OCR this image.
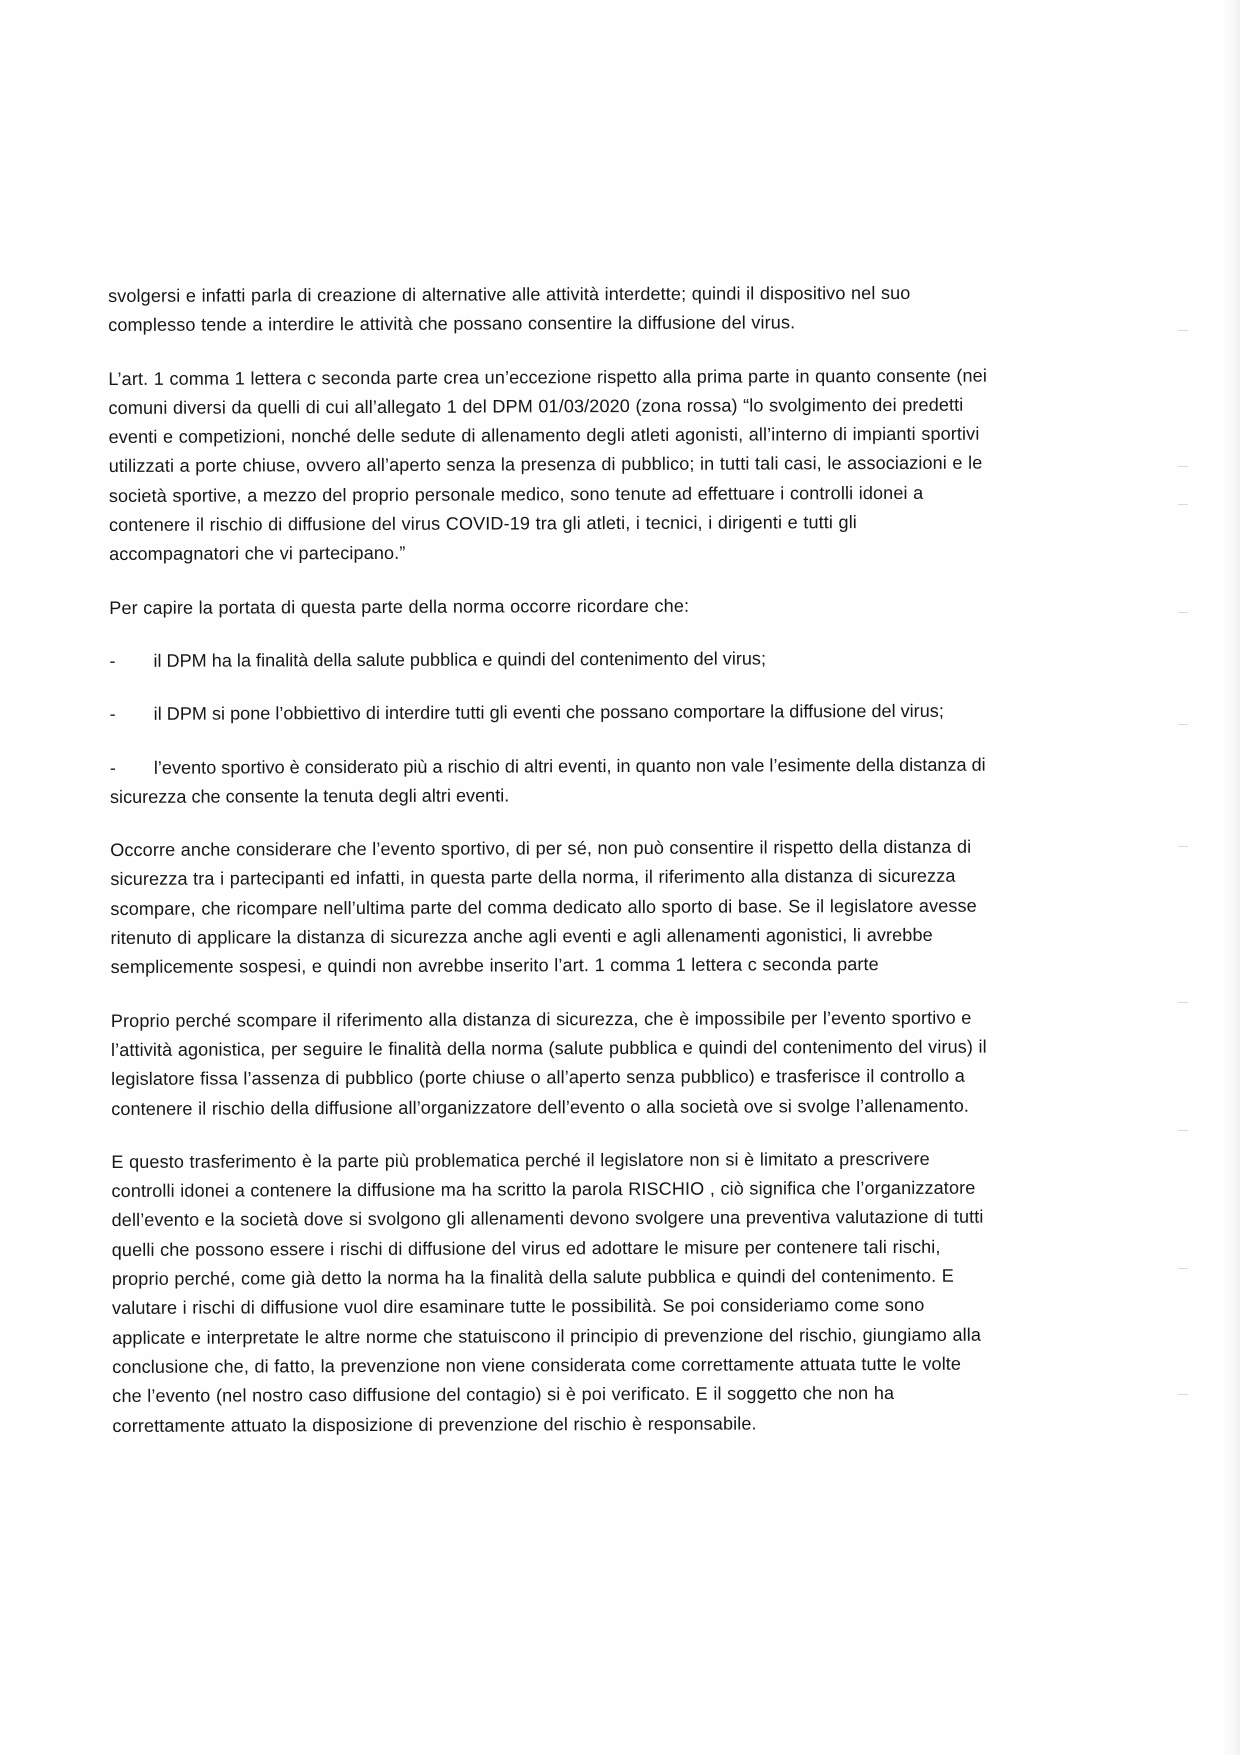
svolgersi e infatti parla di creazione di alternative alle attività interdette; quindi il dispositivo nel suo complesso tende a interdire le attività che possano consentire la diffusione del virus.

L’art. 1 comma 1 lettera c seconda parte crea un’eccezione rispetto alla prima parte in quanto consente (nei comuni diversi da quelli di cui all’allegato 1 del DPM 01/03/2020 (zona rossa) “lo svolgimento dei predetti eventi e competizioni, nonché delle sedute di allenamento degli atleti agonisti, all’interno di impianti sportivi utilizzati a porte chiuse, ovvero all’aperto senza la presenza di pubblico; in tutti tali casi, le associazioni e le società sportive, a mezzo del proprio personale medico, sono tenute ad effettuare i controlli idonei a contenere il rischio di diffusione del virus COVID-19 tra gli atleti, i tecnici, i dirigenti e tutti gli accompagnatori che vi partecipano.”

Per capire la portata di questa parte della norma occorre ricordare che:

-	il DPM ha la finalità della salute pubblica e quindi del contenimento del virus;
-	il DPM si pone l’obbiettivo di interdire tutti gli eventi che possano comportare la diffusione del virus;
-	l’evento sportivo è considerato più a rischio di altri eventi, in quanto non vale l’esimente della distanza di sicurezza che consente la tenuta degli altri eventi.

Occorre anche considerare che l’evento sportivo, di per sé, non può consentire il rispetto della distanza di sicurezza tra i partecipanti ed infatti, in questa parte della norma, il riferimento alla distanza di sicurezza scompare, che ricompare nell’ultima parte del comma dedicato allo sporto di base. Se il legislatore avesse ritenuto di applicare la distanza di sicurezza anche agli eventi e agli allenamenti agonistici, li avrebbe semplicemente sospesi, e quindi non avrebbe inserito l’art. 1 comma 1 lettera c seconda parte

Proprio perché scompare il riferimento alla distanza di sicurezza, che è impossibile per l’evento sportivo e l’attività agonistica, per seguire le finalità della norma (salute pubblica e quindi del contenimento del virus) il legislatore fissa l’assenza di pubblico (porte chiuse o all’aperto senza pubblico) e trasferisce il controllo a contenere il rischio della diffusione all’organizzatore dell’evento o alla società ove si svolge l’allenamento.

E questo trasferimento è la parte più problematica perché il legislatore non si è limitato a prescrivere controlli idonei a contenere la diffusione ma ha scritto la parola RISCHIO , ciò significa che l’organizzatore dell’evento e la società dove si svolgono gli allenamenti devono svolgere una preventiva valutazione di tutti quelli che possono essere i rischi di diffusione del virus ed adottare le misure per contenere tali rischi, proprio perché, come già detto la norma ha la finalità della salute pubblica e quindi del contenimento. E valutare i rischi di diffusione vuol dire esaminare tutte le possibilità. Se poi consideriamo come sono applicate e interpretate le altre norme che statuiscono il principio di prevenzione del rischio, giungiamo alla conclusione che, di fatto, la prevenzione non viene considerata come correttamente attuata tutte le volte che l’evento (nel nostro caso diffusione del contagio) si è poi verificato. E il soggetto che non ha correttamente attuato la disposizione di prevenzione del rischio è responsabile.
